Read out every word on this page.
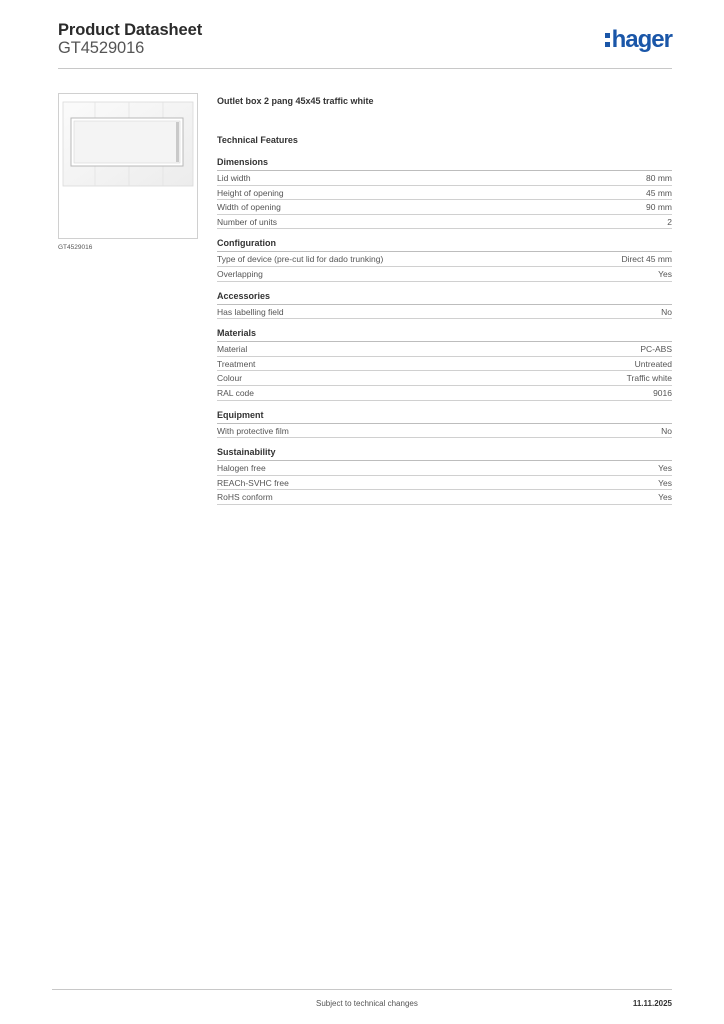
Product Datasheet
GT4529016	hager
GT4529016
Outlet box 2 pang 45x45 traffic white
Technical Features
Dimensions
Lid width	80 mm
Height of opening	45 mm
Width of opening	90 mm
Number of units	2
Configuration
Type of device (pre-cut lid for dado trunking)	Direct 45 mm
Overlapping	Yes
Accessories
Has labelling field	No
Materials
Material	PC-ABS
Treatment	Untreated
Colour	Traffic white
RAL code	9016
Equipment
With protective film	No
Sustainability
Halogen free	Yes
REACh-SVHC free	Yes
RoHS conform	Yes
Subject to technical changes	11.11.2025
